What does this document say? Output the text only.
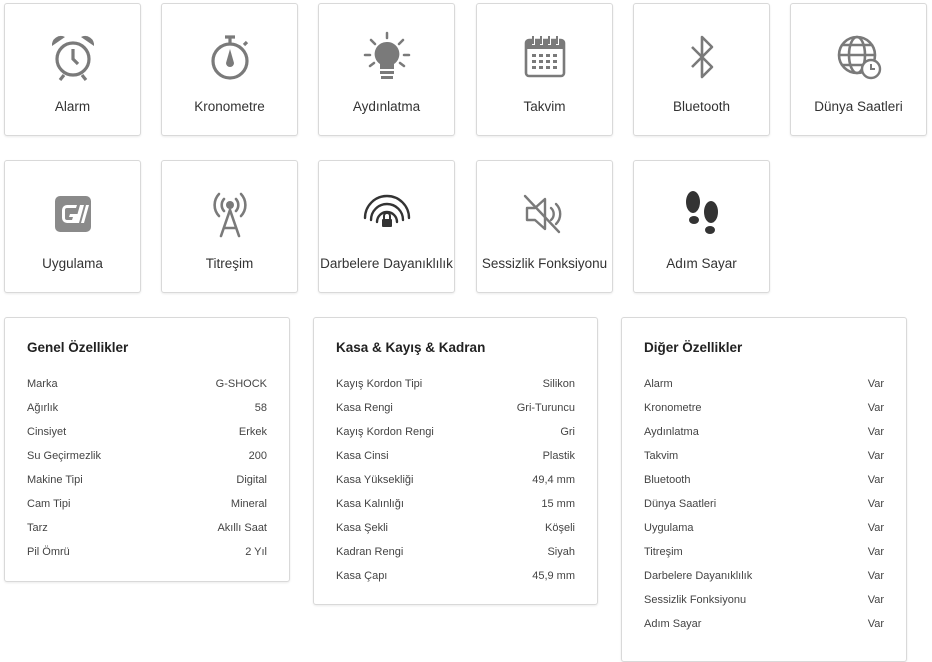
Alarm	Kronometre	Aydınlatma	Takvim	Bluetooth	Dünya Saatleri
Uygulama	Titreşim	Darbelere Dayanıklılık	Sessizlik Fonksiyonu	Adım Sayar
Genel Özellikler
Marka	G-SHOCK
Ağırlık	58
Cinsiyet	Erkek
Su Geçirmezlik	200
Makine Tipi	Digital
Cam Tipi	Mineral
Tarz	Akıllı Saat
Pil Ömrü	2 Yıl
Kasa & Kayış & Kadran
Kayış Kordon Tipi	Silikon
Kasa Rengi	Gri-Turuncu
Kayış Kordon Rengi	Gri
Kasa Cinsi	Plastik
Kasa Yüksekliği	49,4 mm
Kasa Kalınlığı	15 mm
Kasa Şekli	Köşeli
Kadran Rengi	Siyah
Kasa Çapı	45,9 mm
Diğer Özellikler
Alarm	Var
Kronometre	Var
Aydınlatma	Var
Takvim	Var
Bluetooth	Var
Dünya Saatleri	Var
Uygulama	Var
Titreşim	Var
Darbelere Dayanıklılık	Var
Sessizlik Fonksiyonu	Var
Adım Sayar	Var
